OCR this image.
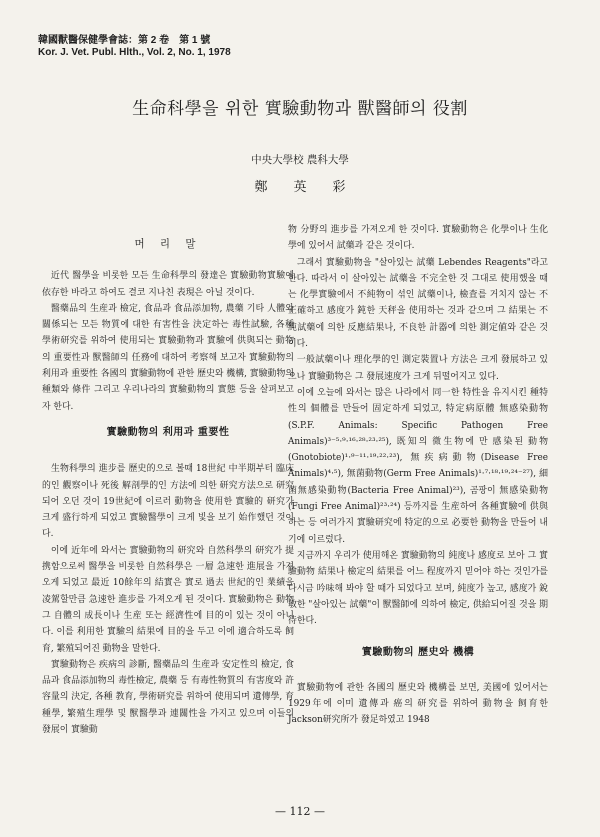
韓國獸醫保健學會誌：第 2 卷　第 1 號
Kor. J. Vet. Publ. Hlth., Vol. 2, No. 1, 1978
生命科學을 위한 實驗動物과 獸醫師의 役割
中央大學校 農科大學
鄭英彩
머 리 말

近代 醫學을 비롯한 모든 生命科學의 發達은 實驗動物實驗에 依存한 바라고 하여도 결코 지나친 表現은 아닐 것이다.

醫藥品의 生産과 檢定, 食品과 食品添加物, 農藥 기타 人體와 關係되는 모든 物質에 대한 有害性을 決定하는 毒性試驗, 各種 學術研究를 위하여 使用되는 實驗動物과 實驗에 供與되는 動物의 重要性과 獸醫師의 任務에 대하여 考察해 보고자 實驗動物의 利用과 重要性 各國의 實驗動物에 관한 歷史와 機構, 實驗動物의 種類와 條件 그리고 우리나라의 實驗動物의 實態 등을 살펴보고자 한다.

實驗動物의 利用과 重要性

生物科學의 進步를 歷史的으로 볼때 18世紀 中半期부터 臨床的인 觀察이나 死後 解剖學的인 方法에 의한 研究方法으로 研究되어 오던 것이 19世紀에 이르러 動物을 使用한 實驗的 研究가 크게 盛行하게 되었고 實驗醫學이 크게 빛을 보기 始作했던 것이다.

이에 近年에 와서는 實驗動物의 研究와 自然科學의 研究가 提携함으로써 醫學을 비롯한 自然科學은 一層 急速한 進展을 가져오게 되었고 最近 10餘年의 結實은 實로 過去 世紀的인 業績을 凌駕할만큼 急速한 進步를 가져오게 된 것이다. 實驗動物은 動物 그 自體의 成長이나 生産 또는 經濟性에 目的이 있는 것이 아니다. 이를 利用한 實驗의 結果에 目的을 두고 이에 適合하도록 飼育, 繁殖되어진 動物을 말한다.

實驗動物은 疾病의 診斷, 醫藥品의 生産과 安定性의 檢定, 食品과 食品添加物의 毒性檢定, 農藥 등 有毒性物質의 有害度와 許容量의 決定, 各種 教育, 學術研究를 위하여 使用되며 遺傳學, 育種學, 繁殖生理學 및 獸醫學과 連關性을 가지고 있으며 이들의 發展이 實驗動

物 分野의 進步를 가져오게 한 것이다. 實驗動物은 化學이나 生化學에 있어서 試藥과 같은 것이다.

그래서 實驗動物을 "살아있는 試藥 Lebendes Reagents"라고 한다. 따라서 이 살아있는 試藥을 不完全한 것 그대로 使用했을 때는 化學實驗에서 不純物이 섞인 試藥이나, 檢査를 거치지 않는 不正確하고 感度가 鈍한 天秤을 使用하는 것과 같으며 그 結果는 不純試藥에 의한 反應結果나, 不良한 計器에 의한 測定値와 같은 것이다.

一般試藥이나 理化學的인 測定裝置나 方法은 크게 發展하고 있으나 實驗動物은 그 發展速度가 크게 뒤떨어지고 있다.

이에 오늘에 와서는 많은 나라에서 同一한 特性을 유지시킨 種特性의 個體를 만들어 固定하게 되었고, 特定病原體 無感染動物 (S.P.F. Animals: Specific Pathogen Free Animals)³⁻⁵·⁹·¹⁶·²⁸·²³·²⁵), 既知의 微生物에 만 感染된 動物(Gnotobiote)¹·⁹⁻¹¹·¹⁹·²²·²³), 無疾病動物(Disease Free Animals)⁴·⁵), 無菌動物(Germ Free Animals)¹·⁷·¹⁸·¹⁹·²⁴⁻²⁷), 細菌無感染動物(Bacteria Free Animal)²³), 곰팡이 無感染動物(Fungi Free Animal)²³·²⁴) 등까지를 生産하여 各種實驗에 供與하는 등 여러가지 實驗研究에 特定的으로 必要한 動物을 만들어 내기에 이르렀다.

지금까지 우리가 使用해온 實驗動物의 純度나 感度로 보아 그 實驗動物 結果나 檢定의 結果를 어느 程度까지 믿어야 하는 것인가를 다시금 吟味해 봐야 할 때가 되었다고 보며, 純度가 높고, 感度가 銳敏한 "살아있는 試藥"이 獸醫師에 의하여 檢定, 供給되어질 것을 期待한다.

實驗動物의 歷史와 機構

實驗動物에 관한 各國의 歷史와 機構를 보면, 美國에 있어서는 1929年에 이미 遺傳과 癌의 研究를 위하여 動物을 飼育한 Jackson研究所가 發足하였고 1948

— 112 —
